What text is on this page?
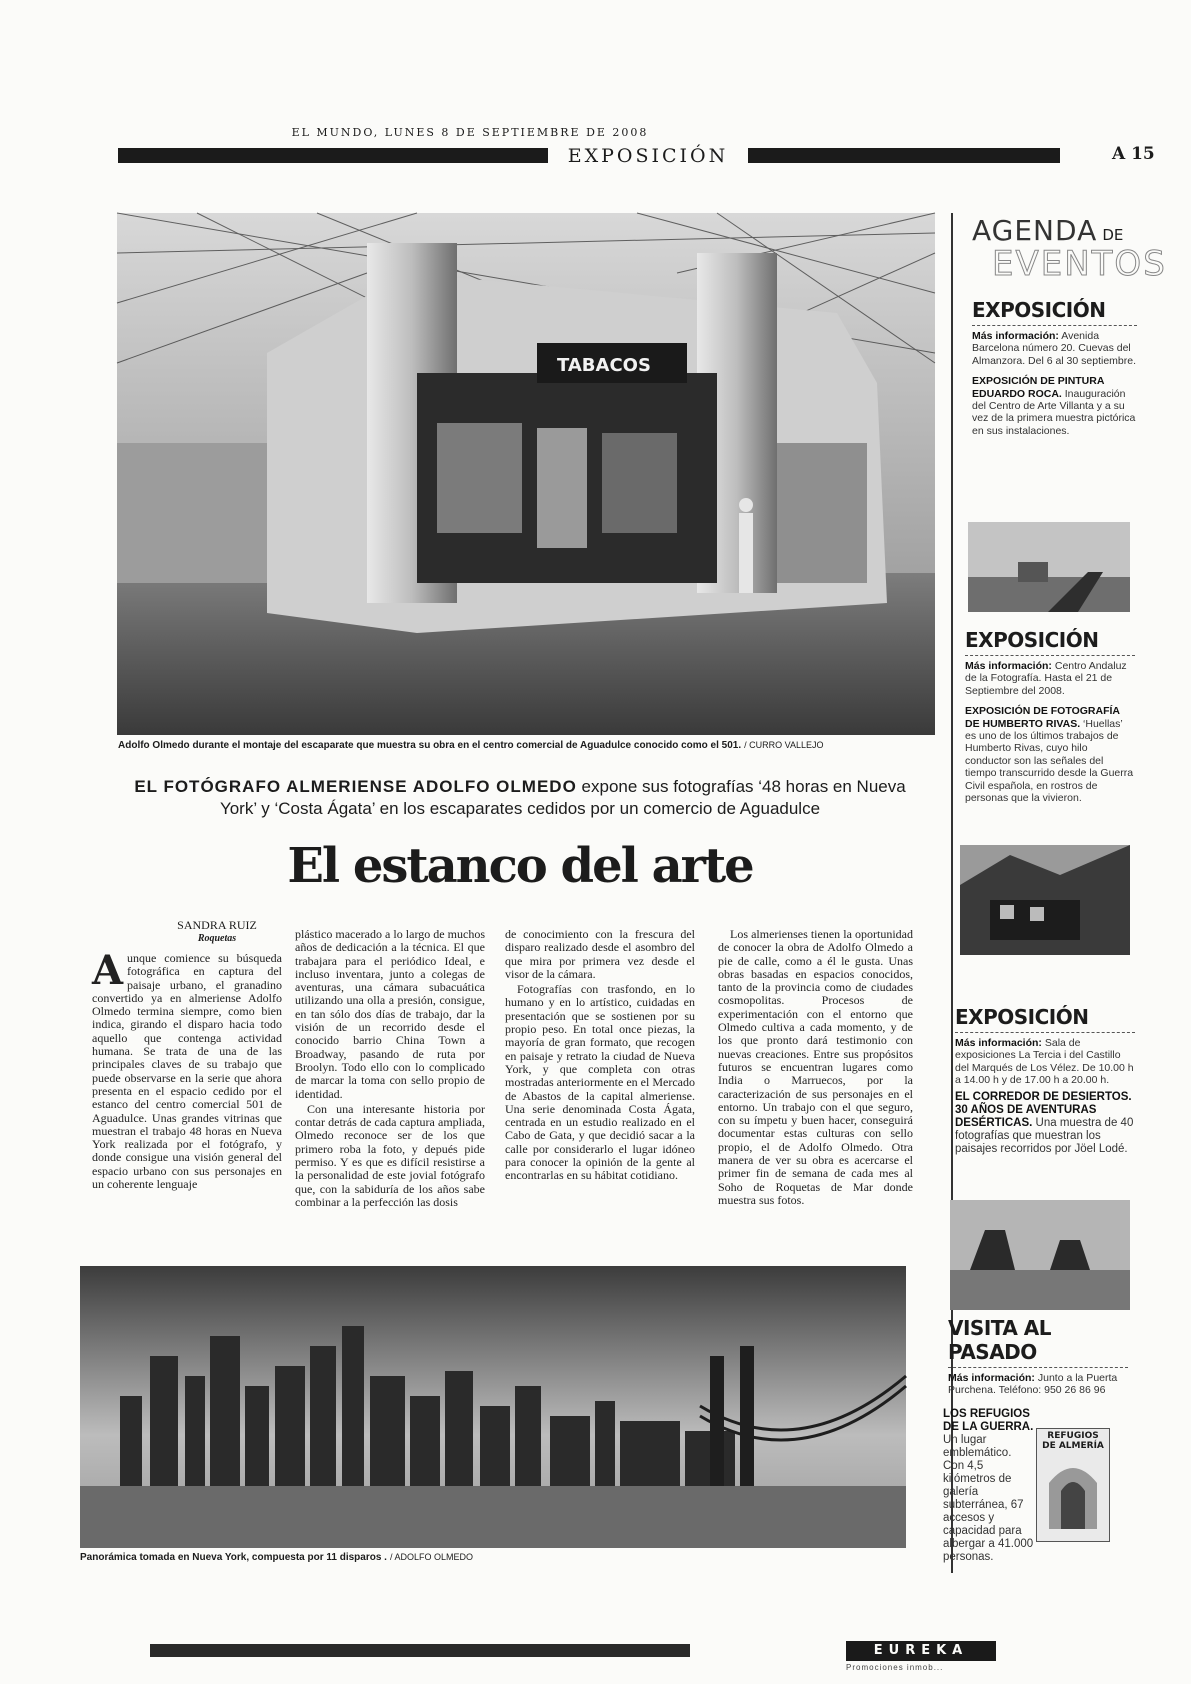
EL MUNDO, LUNES 8 DE SEPTIEMBRE DE 2008
EXPOSICIÓN	A 15
TABACOS
Adolfo Olmedo durante el montaje del escaparate que muestra su obra en el centro comercial de Aguadulce conocido como el 501. / CURRO VALLEJO
EL FOTÓGRAFO ALMERIENSE ADOLFO OLMEDO expone sus fotografías ‘48 horas en Nueva York’ y ‘Costa Ágata’ en los escaparates cedidos por un comercio de Aguadulce
El estanco del arte
SANDRA RUIZ
Roquetas

Aunque comience su búsqueda fotográfica en captura del paisaje urbano, el granadino convertido ya en almeriense Adolfo Olmedo termina siempre, como bien indica, girando el disparo hacia todo aquello que contenga actividad humana. Se trata de una de las principales claves de su trabajo que puede observarse en la serie que ahora presenta en el espacio cedido por el estanco del centro comercial 501 de Aguadulce. Unas grandes vitrinas que muestran el trabajo 48 horas en Nueva York realizada por el fotógrafo, y donde consigue una visión general del espacio urbano con sus personajes en un coherente lenguaje

plástico macerado a lo largo de muchos años de dedicación a la técnica. El que trabajara para el periódico Ideal, e incluso inventara, junto a colegas de aventuras, una cámara subacuática utilizando una olla a presión, consigue, en tan sólo dos días de trabajo, dar la visión de un recorrido desde el conocido barrio China Town a Broadway, pasando de ruta por Broolyn. Todo ello con lo complicado de marcar la toma con sello propio de identidad.

Con una interesante historia por contar detrás de cada captura ampliada, Olmedo reconoce ser de los que primero roba la foto, y depués pide permiso. Y es que es difícil resistirse a la personalidad de este jovial fotógrafo que, con la sabiduría de los años sabe combinar a la perfección las dosis

de conocimiento con la frescura del disparo realizado desde el asombro del que mira por primera vez desde el visor de la cámara.

Fotografías con trasfondo, en lo humano y en lo artístico, cuidadas en presentación que se sostienen por su propio peso. En total once piezas, la mayoría de gran formato, que recogen en paisaje y retrato la ciudad de Nueva York, y que completa con otras mostradas anteriormente en el Mercado de Abastos de la capital almeriense. Una serie denominada Costa Ágata, centrada en un estudio realizado en el Cabo de Gata, y que decidió sacar a la calle por considerarlo el lugar idóneo para conocer la opinión de la gente al encontrarlas en su hábitat cotidiano.

Los almerienses tienen la oportunidad de conocer la obra de Adolfo Olmedo a pie de calle, como a él le gusta. Unas obras basadas en espacios conocidos, tanto de la provincia como de ciudades cosmopolitas. Procesos de experimentación con el entorno que Olmedo cultiva a cada momento, y de los que pronto dará testimonio con nuevas creaciones. Entre sus propósitos futuros se encuentran lugares como India o Marruecos, por la caracterización de sus personajes en el entorno. Un trabajo con el que seguro, con su ímpetu y buen hacer, conseguirá documentar estas culturas con sello propio, el de Adolfo Olmedo. Otra manera de ver su obra es acercarse el primer fin de semana de cada mes al Soho de Roquetas de Mar donde muestra sus fotos.

Panorámica tomada en Nueva York, compuesta por 11 disparos . / ADOLFO OLMEDO
AGENDA DE
EVENTOS
EXPOSICIÓN
Más información: Avenida Barcelona número 20. Cuevas del Almanzora. Del 6 al 30 septiembre.
EXPOSICIÓN DE PINTURA EDUARDO ROCA. Inauguración del Centro de Arte Villanta y a su vez de la primera muestra pictórica en sus instalaciones.
EXPOSICIÓN
Más información: Centro Andaluz de la Fotografía. Hasta el 21 de Septiembre del 2008.
EXPOSICIÓN DE FOTOGRAFÍA DE HUMBERTO RIVAS. ‘Huellas’ es uno de los últimos trabajos de Humberto Rivas, cuyo hilo conductor son las señales del tiempo transcurrido desde la Guerra Civil española, en rostros de personas que la vivieron.
EXPOSICIÓN
Más información: Sala de exposiciones La Tercia i del Castillo del Marqués de Los Vélez. De 10.00 h a 14.00 h y de 17.00 h a 20.00 h.
EL CORREDOR DE DESIERTOS. 30 AÑOS DE AVENTURAS DESÉRTICAS. Una muestra de 40 fotografías que muestran los paisajes recorridos por Jöel Lodé.
VISITA AL PASADO
Más información: Junto a la Puerta Purchena. Teléfono: 950 26 86 96
LOS REFUGIOS DE LA GUERRA. Un lugar emblemático. Con 4,5 kilómetros de galería subterránea, 67 accesos y capacidad para albergar a 41.000 personas.
REFUGIOS DE ALMERÍA
EUREKA
Promociones inmob...
